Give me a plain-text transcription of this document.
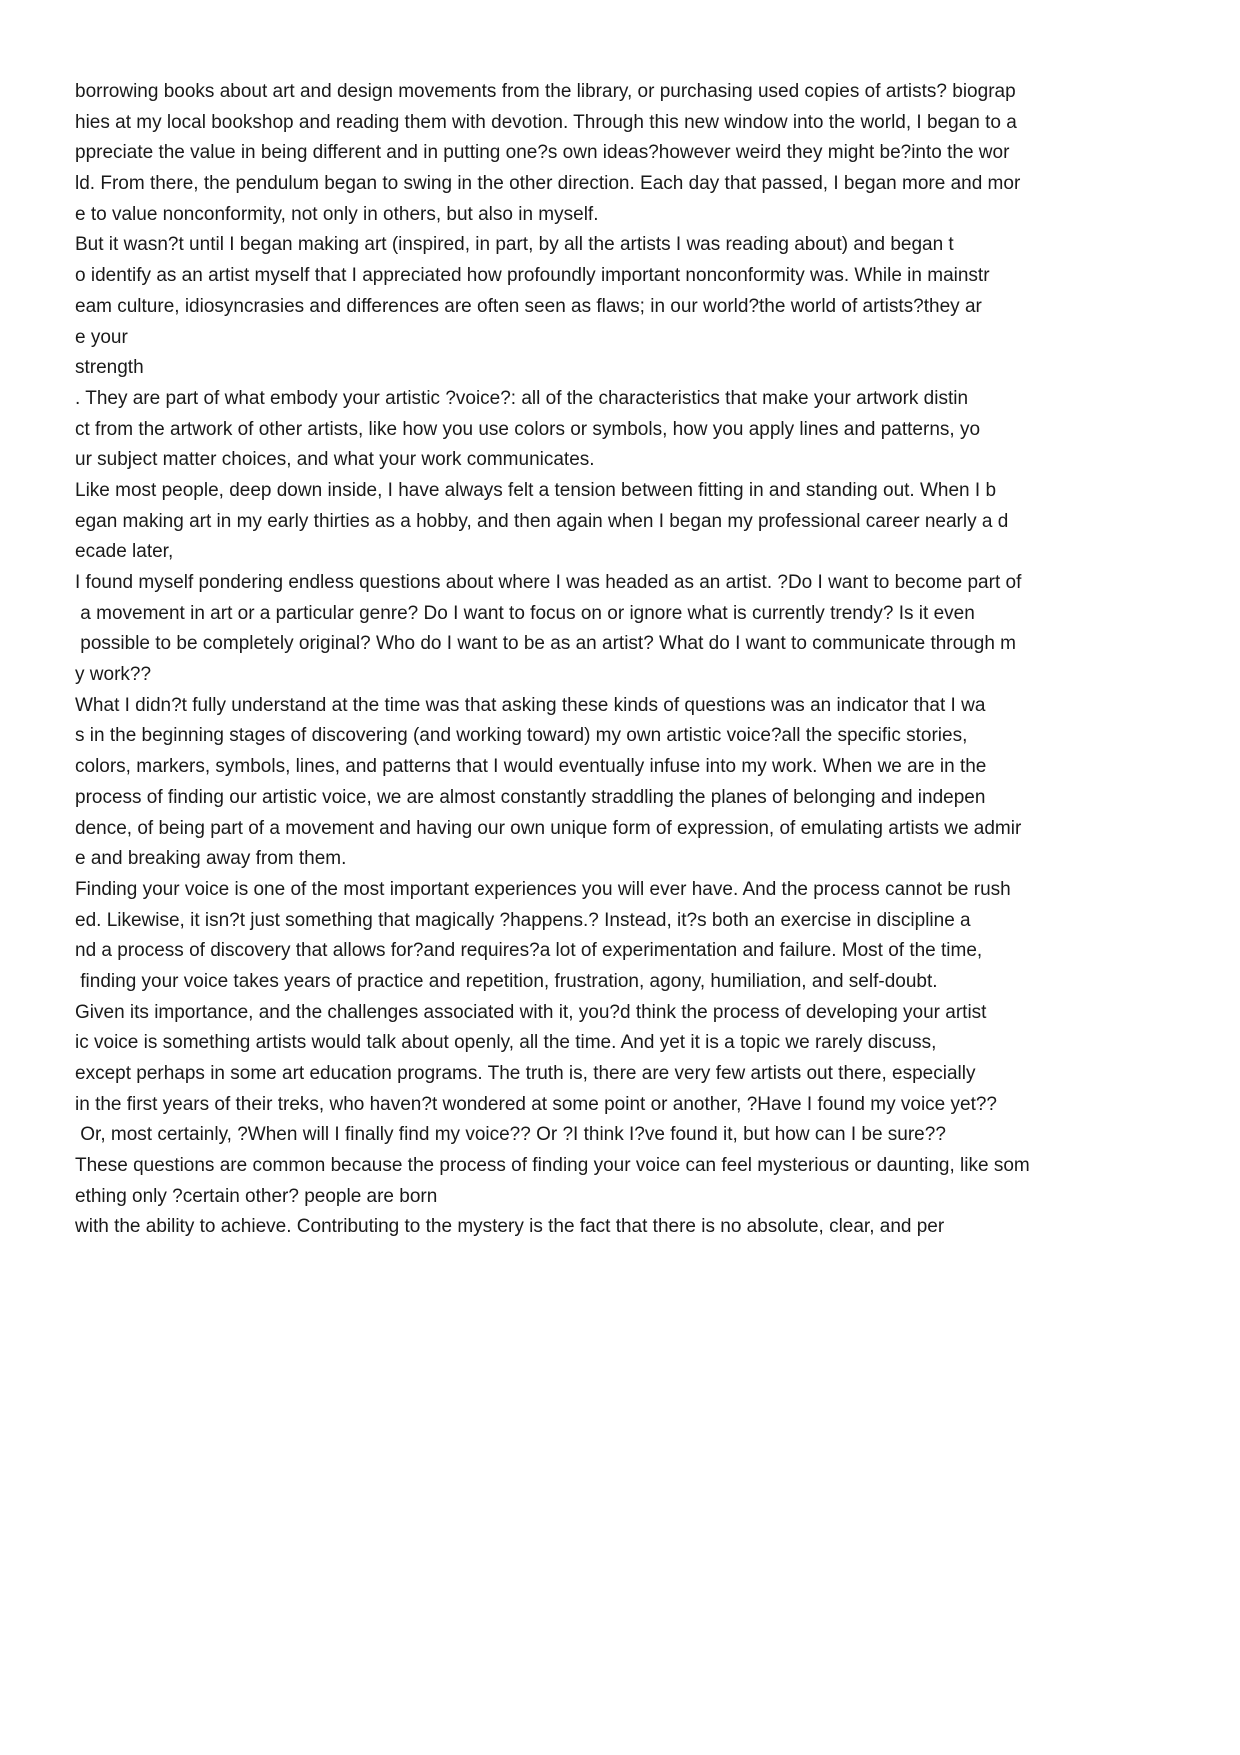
borrowing books about art and design movements from the library, or purchasing used copies of artists? biograp
hies at my local bookshop and reading them with devotion. Through this new window into the world, I began to a
ppreciate the value in being different and in putting one?s own ideas?however weird they might be?into the wor
ld. From there, the pendulum began to swing in the other direction. Each day that passed, I began more and mor
e to value nonconformity, not only in others, but also in myself.
But it wasn?t until I began making art (inspired, in part, by all the artists I was reading about) and began t
o identify as an artist myself that I appreciated how profoundly important nonconformity was. While in mainstr
eam culture, idiosyncrasies and differences are often seen as flaws; in our world?the world of artists?they ar
e your
strength
. They are part of what embody your artistic ?voice?: all of the characteristics that make your artwork distin
ct from the artwork of other artists, like how you use colors or symbols, how you apply lines and patterns, yo
ur subject matter choices, and what your work communicates.
Like most people, deep down inside, I have always felt a tension between fitting in and standing out. When I b
egan making art in my early thirties as a hobby, and then again when I began my professional career nearly a d
ecade later,
I found myself pondering endless questions about where I was headed as an artist. ?Do I want to become part of
a movement in art or a particular genre? Do I want to focus on or ignore what is currently trendy? Is it even
possible to be completely original? Who do I want to be as an artist? What do I want to communicate through m
y work??
What I didn?t fully understand at the time was that asking these kinds of questions was an indicator that I wa
s in the beginning stages of discovering (and working toward) my own artistic voice?all the specific stories,
colors, markers, symbols, lines, and patterns that I would eventually infuse into my work. When we are in the
process of finding our artistic voice, we are almost constantly straddling the planes of belonging and indepen
dence, of being part of a movement and having our own unique form of expression, of emulating artists we admir
e and breaking away from them.
Finding your voice is one of the most important experiences you will ever have. And the process cannot be rush
ed. Likewise, it isn?t just something that magically ?happens.? Instead, it?s both an exercise in discipline a
nd a process of discovery that allows for?and requires?a lot of experimentation and failure. Most of the time,
finding your voice takes years of practice and repetition, frustration, agony, humiliation, and self-doubt.
Given its importance, and the challenges associated with it, you?d think the process of developing your artist
ic voice is something artists would talk about openly, all the time. And yet it is a topic we rarely discuss,
except perhaps in some art education programs. The truth is, there are very few artists out there, especially
in the first years of their treks, who haven?t wondered at some point or another, ?Have I found my voice yet??
Or, most certainly, ?When will I finally find my voice?? Or ?I think I?ve found it, but how can I be sure??
These questions are common because the process of finding your voice can feel mysterious or daunting, like som
ething only ?certain other? people are born
with the ability to achieve. Contributing to the mystery is the fact that there is no absolute, clear, and per
